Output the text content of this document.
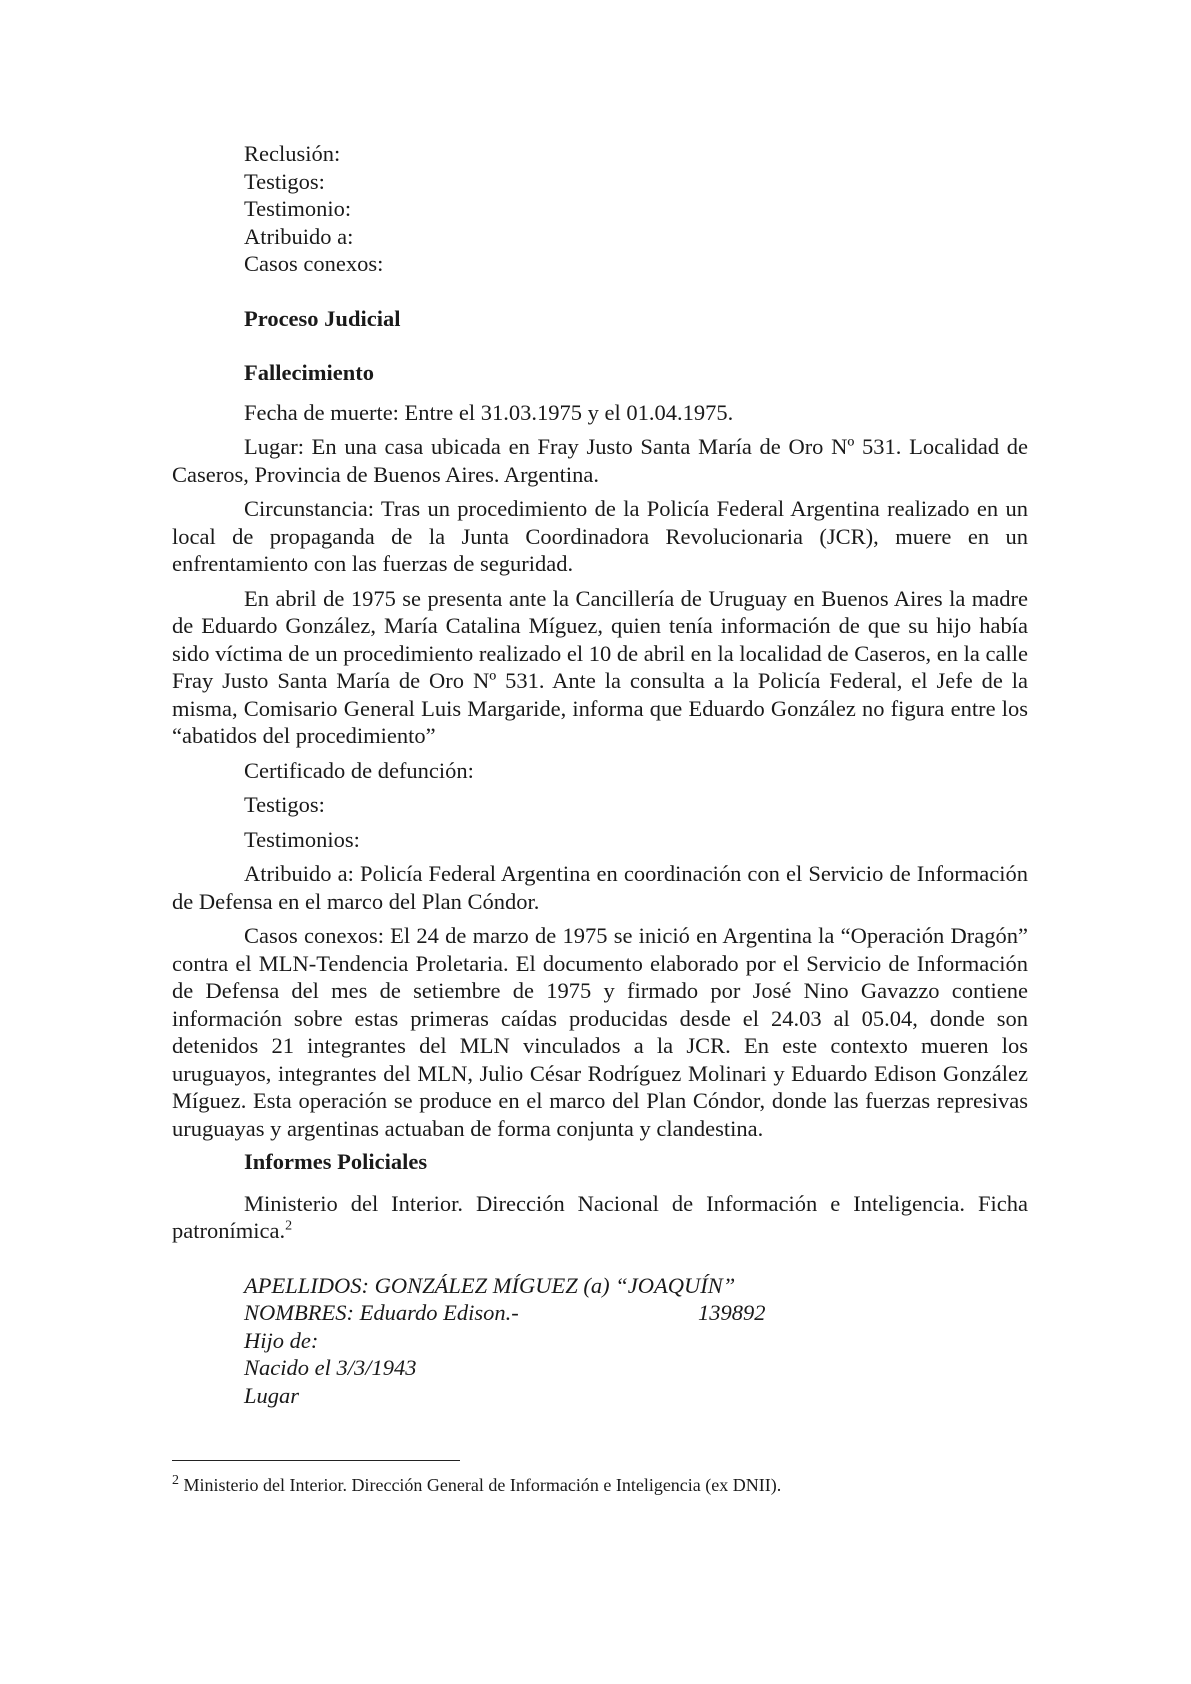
Reclusión:
Testigos:
Testimonio:
Atribuido a:
Casos conexos:
Proceso Judicial
Fallecimiento
Fecha de muerte: Entre el 31.03.1975 y el 01.04.1975.
Lugar: En una casa ubicada en Fray Justo Santa María de Oro Nº 531. Localidad de Caseros, Provincia de Buenos Aires. Argentina.
Circunstancia: Tras un procedimiento de la Policía Federal Argentina realizado en un local de propaganda de la Junta Coordinadora Revolucionaria (JCR), muere en un enfrentamiento con las fuerzas de seguridad.
En abril de 1975 se presenta ante la Cancillería de Uruguay en Buenos Aires la madre de Eduardo González, María Catalina Míguez, quien tenía información de que su hijo había sido víctima de un procedimiento realizado el 10 de abril en la localidad de Caseros, en la calle Fray Justo Santa María de Oro Nº 531. Ante la consulta a la Policía Federal, el Jefe de la misma, Comisario General Luis Margaride, informa que Eduardo González no figura entre los “abatidos del procedimiento”
Certificado de defunción:
Testigos:
Testimonios:
Atribuido a: Policía Federal Argentina en coordinación con el Servicio de Información de Defensa en el marco del Plan Cóndor.
Casos conexos: El 24 de marzo de 1975 se inició en Argentina la “Operación Dragón” contra el MLN-Tendencia Proletaria. El documento elaborado por el Servicio de Información de Defensa del mes de setiembre de 1975 y firmado por José Nino Gavazzo contiene información sobre estas primeras caídas producidas desde el 24.03 al 05.04, donde son detenidos 21 integrantes del MLN vinculados a la JCR. En este contexto mueren los uruguayos, integrantes del MLN, Julio César Rodríguez Molinari y Eduardo Edison González Míguez. Esta operación se produce en el marco del Plan Cóndor, donde las fuerzas represivas uruguayas y argentinas actuaban de forma conjunta y clandestina.
Informes Policiales
Ministerio del Interior. Dirección Nacional de Información e Inteligencia. Ficha patronímica.$^2$
APELLIDOS: GONZÁLEZ MÍGUEZ (a) “JOAQUÍN”
NOMBRES: Eduardo Edison.-	139892
Hijo de:
Nacido el 3/3/1943
Lugar
$^2$ Ministerio del Interior. Dirección General de Información e Inteligencia (ex DNII).
